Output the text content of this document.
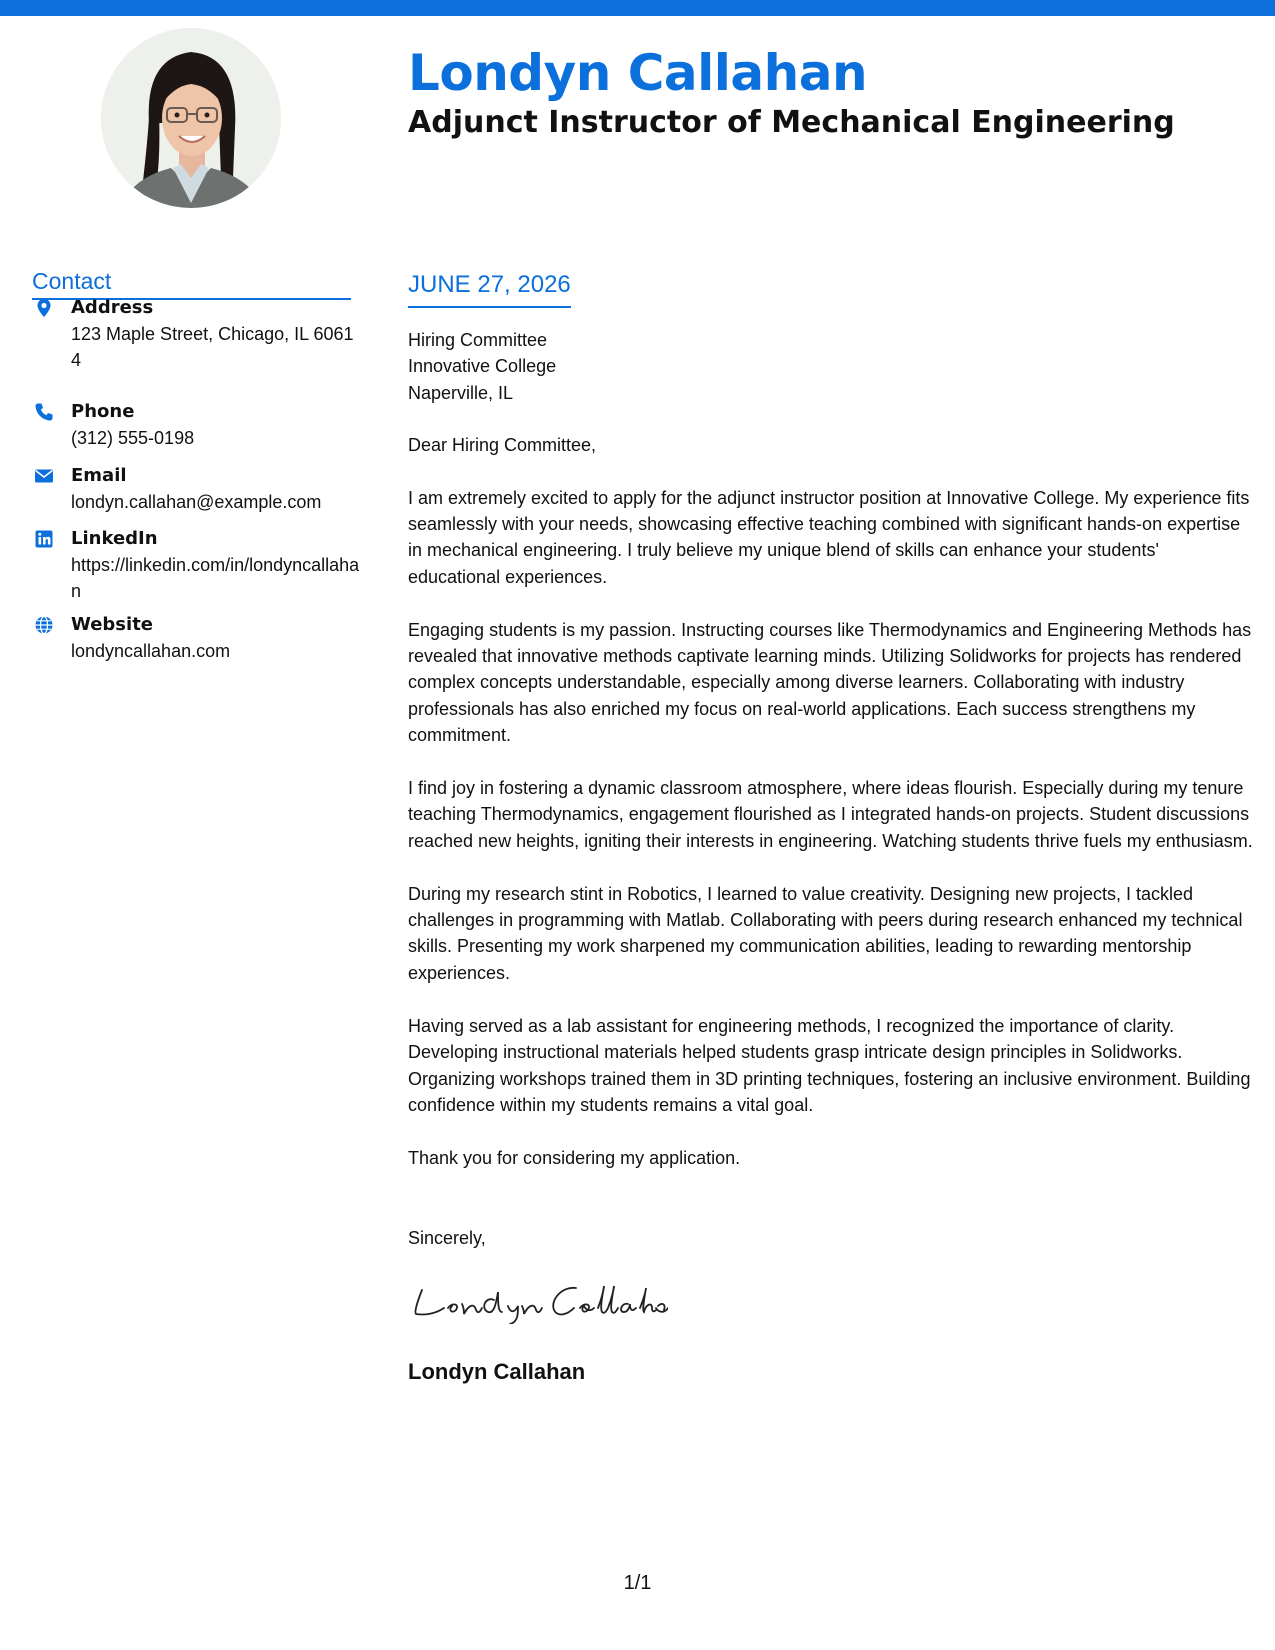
Londyn Callahan
Adjunct Instructor of Mechanical Engineering
Contact
Address
123 Maple Street, Chicago, IL 60614
Phone
(312) 555-0198
Email
londyn.callahan@example.com
LinkedIn
https://linkedin.com/in/londyncallahan
Website
londyncallahan.com
JUNE 27, 2026
Hiring Committee
Innovative College
Naperville, IL

Dear Hiring Committee,

I am extremely excited to apply for the adjunct instructor position at Innovative College. My experience fits seamlessly with your needs, showcasing effective teaching combined with significant hands-on expertise in mechanical engineering. I truly believe my unique blend of skills can enhance your students' educational experiences.

Engaging students is my passion. Instructing courses like Thermodynamics and Engineering Methods has revealed that innovative methods captivate learning minds. Utilizing Solidworks for projects has rendered complex concepts understandable, especially among diverse learners. Collaborating with industry professionals has also enriched my focus on real-world applications. Each success strengthens my commitment.

I find joy in fostering a dynamic classroom atmosphere, where ideas flourish. Especially during my tenure teaching Thermodynamics, engagement flourished as I integrated hands-on projects. Student discussions reached new heights, igniting their interests in engineering. Watching students thrive fuels my enthusiasm.

During my research stint in Robotics, I learned to value creativity. Designing new projects, I tackled challenges in programming with Matlab. Collaborating with peers during research enhanced my technical skills. Presenting my work sharpened my communication abilities, leading to rewarding mentorship experiences.

Having served as a lab assistant for engineering methods, I recognized the importance of clarity. Developing instructional materials helped students grasp intricate design principles in Solidworks. Organizing workshops trained them in 3D printing techniques, fostering an inclusive environment. Building confidence within my students remains a vital goal.

Thank you for considering my application.

Sincerely,

Londyn Callahan

1/1
